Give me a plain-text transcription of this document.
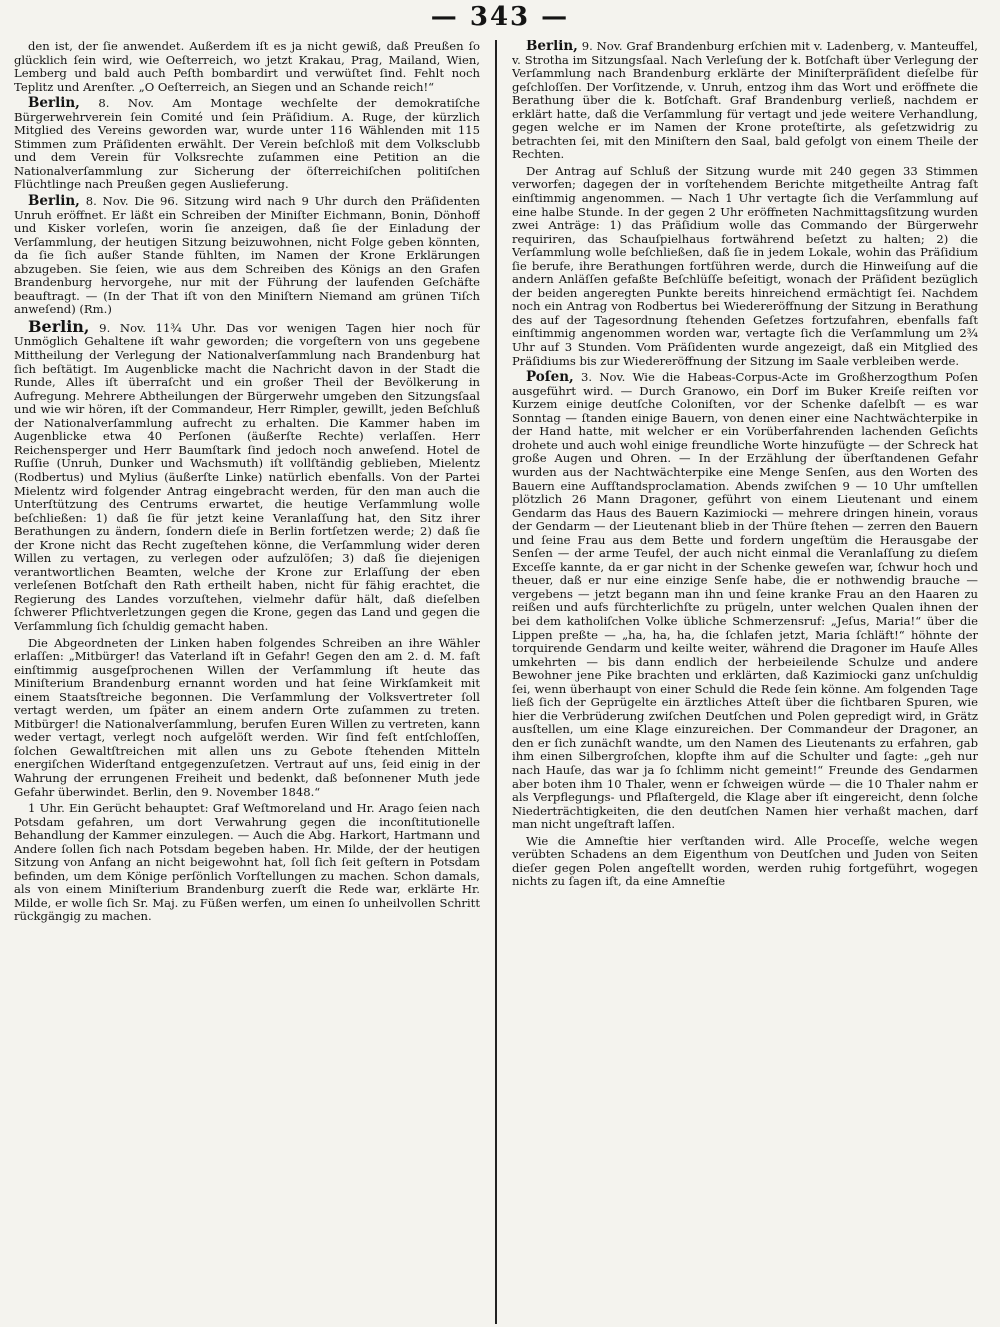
— 343 —

den ist, der ſie anwendet. Außerdem iſt es ja nicht gewiß, daß Preußen ſo glücklich ſein wird, wie Oeſterreich, wo jetzt Krakau, Prag, Mailand, Wien, Lemberg und bald auch Peſth bombardirt und verwüſtet ſind. Fehlt noch Teplitz und Arenſter. „O Oeſterreich, an Siegen und an Schande reich!“

Berlin, 8. Nov. Am Montage wechſelte der demokratiſche Bürgerwehrverein ſein Comité und ſein Präſidium. A. Ruge, der kürzlich Mitglied des Vereins geworden war, wurde unter 116 Wählenden mit 115 Stimmen zum Präſidenten erwählt. Der Verein beſchloß mit dem Volksclubb und dem Verein für Volksrechte zuſammen eine Petition an die Nationalverſammlung zur Sicherung der öſterreichiſchen politiſchen Flüchtlinge nach Preußen gegen Auslieferung.

Berlin, 8. Nov. Die 96. Sitzung wird nach 9 Uhr durch den Präſidenten Unruh eröffnet. Er läßt ein Schreiben der Miniſter Eichmann, Bonin, Dönhoff und Kisker vorleſen, worin ſie anzeigen, daß ſie der Einladung der Verſammlung, der heutigen Sitzung beizuwohnen, nicht Folge geben könnten, da ſie ſich außer Stande fühlten, im Namen der Krone Erklärungen abzugeben. Sie ſeien, wie aus dem Schreiben des Königs an den Grafen Brandenburg hervorgehe, nur mit der Führung der laufenden Geſchäfte beauftragt. — (In der That iſt von den Miniſtern Niemand am grünen Tiſch anweſend) (Rm.)

Berlin, 9. Nov. 11¾ Uhr. Das vor wenigen Tagen hier noch für Unmöglich Gehaltene iſt wahr geworden; die vorgeſtern von uns gegebene Mittheilung der Verlegung der Nationalverſammlung nach Brandenburg hat ſich beſtätigt. Im Augenblicke macht die Nachricht davon in der Stadt die Runde, Alles iſt überraſcht und ein großer Theil der Bevölkerung in Aufregung. Mehrere Abtheilungen der Bürgerwehr umgeben den Sitzungsſaal und wie wir hören, iſt der Commandeur, Herr Rimpler, gewillt, jeden Beſchluß der Nationalverſammlung aufrecht zu erhalten. Die Kammer haben im Augenblicke etwa 40 Perſonen (äußerſte Rechte) verlaſſen. Herr Reichensperger und Herr Baumſtark ſind jedoch noch anweſend. Hotel de Ruſſie (Unruh, Dunker und Wachsmuth) iſt vollſtändig geblieben, Mielentz (Rodbertus) und Mylius (äußerſte Linke) natürlich ebenfalls. Von der Partei Mielentz wird folgender Antrag eingebracht werden, für den man auch die Unterſtützung des Centrums erwartet, die heutige Verſammlung wolle beſchließen: 1) daß ſie für jetzt keine Veranlaſſung hat, den Sitz ihrer Berathungen zu ändern, ſondern dieſe in Berlin fortſetzen werde; 2) daß ſie der Krone nicht das Recht zugeſtehen könne, die Verſammlung wider deren Willen zu vertagen, zu verlegen oder aufzulöſen; 3) daß ſie diejenigen verantwortlichen Beamten, welche der Krone zur Erlaſſung der eben verleſenen Botſchaft den Rath ertheilt haben, nicht für fähig erachtet, die Regierung des Landes vorzuſtehen, vielmehr dafür hält, daß dieſelben ſchwerer Pflichtverletzungen gegen die Krone, gegen das Land und gegen die Verſammlung ſich ſchuldig gemacht haben.

Die Abgeordneten der Linken haben folgendes Schreiben an ihre Wähler erlaſſen: „Mitbürger! das Vaterland iſt in Gefahr! Gegen den am 2. d. M. faſt einſtimmig ausgeſprochenen Willen der Verſammlung iſt heute das Miniſterium Brandenburg ernannt worden und hat ſeine Wirkſamkeit mit einem Staatsſtreiche begonnen. Die Verſammlung der Volksvertreter ſoll vertagt werden, um ſpäter an einem andern Orte zuſammen zu treten. Mitbürger! die Nationalverſammlung, berufen Euren Willen zu vertreten, kann weder vertagt, verlegt noch aufgelöſt werden. Wir ſind feſt entſchloſſen, ſolchen Gewaltſtreichen mit allen uns zu Gebote ſtehenden Mitteln energiſchen Widerſtand entgegenzuſetzen. Vertraut auf uns, ſeid einig in der Wahrung der errungenen Freiheit und bedenkt, daß beſonnener Muth jede Gefahr überwindet. Berlin, den 9. November 1848.“

1 Uhr. Ein Gerücht behauptet: Graf Weſtmoreland und Hr. Arago ſeien nach Potsdam gefahren, um dort Verwahrung gegen die inconſtitutionelle Behandlung der Kammer einzulegen. — Auch die Abg. Harkort, Hartmann und Andere ſollen ſich nach Potsdam begeben haben. Hr. Milde, der der heutigen Sitzung von Anfang an nicht beigewohnt hat, ſoll ſich ſeit geſtern in Potsdam befinden, um dem Könige perſönlich Vorſtellungen zu machen. Schon damals, als von einem Miniſterium Brandenburg zuerſt die Rede war, erklärte Hr. Milde, er wolle ſich Sr. Maj. zu Füßen werfen, um einen ſo unheilvollen Schritt rückgängig zu machen.

Berlin, 9. Nov. Graf Brandenburg erſchien mit v. Ladenberg, v. Manteuffel, v. Strotha im Sitzungsſaal. Nach Verleſung der k. Botſchaft über Verlegung der Verſammlung nach Brandenburg erklärte der Miniſterpräſident dieſelbe für geſchloſſen. Der Vorſitzende, v. Unruh, entzog ihm das Wort und eröffnete die Berathung über die k. Botſchaft. Graf Brandenburg verließ, nachdem er erklärt hatte, daß die Verſammlung für vertagt und jede weitere Verhandlung, gegen welche er im Namen der Krone proteſtirte, als geſetzwidrig zu betrachten ſei, mit den Miniſtern den Saal, bald gefolgt von einem Theile der Rechten.

Der Antrag auf Schluß der Sitzung wurde mit 240 gegen 33 Stimmen verworfen; dagegen der in vorſtehendem Berichte mitgetheilte Antrag faſt einſtimmig angenommen. — Nach 1 Uhr vertagte ſich die Verſammlung auf eine halbe Stunde. In der gegen 2 Uhr eröffneten Nachmittagsſitzung wurden zwei Anträge: 1) das Präſidium wolle das Commando der Bürgerwehr requiriren, das Schauſpielhaus fortwährend beſetzt zu halten; 2) die Verſammlung wolle beſchließen, daß ſie in jedem Lokale, wohin das Präſidium ſie berufe, ihre Berathungen fortſühren werde, durch die Hinweiſung auf die andern Anläſſen gefaßte Beſchlüſſe beſeitigt, wonach der Präſident bezüglich der beiden angeregten Punkte bereits hinreichend ermächtigt ſei. Nachdem noch ein Antrag von Rodbertus bei Wiedereröffnung der Sitzung in Berathung des auf der Tagesordnung ſtehenden Geſetzes fortzufahren, ebenfalls faſt einſtimmig angenommen worden war, vertagte ſich die Verſammlung um 2¾ Uhr auf 3 Stunden. Vom Präſidenten wurde angezeigt, daß ein Mitglied des Präſidiums bis zur Wiedereröffnung der Sitzung im Saale verbleiben werde.

Poſen, 3. Nov. Wie die Habeas-Corpus-Acte im Großherzogthum Poſen ausgeführt wird. — Durch Granowo, ein Dorf im Buker Kreiſe reiſten vor Kurzem einige deutſche Coloniſten, vor der Schenke daſelbſt — es war Sonntag — ſtanden einige Bauern, von denen einer eine Nachtwächterpike in der Hand hatte, mit welcher er ein Vorüberfahrenden lachenden Geſichts drohete und auch wohl einige freundliche Worte hinzufügte — der Schreck hat große Augen und Ohren. — In der Erzählung der überſtandenen Gefahr wurden aus der Nachtwächterpike eine Menge Senſen, aus den Worten des Bauern eine Aufſtandsproclamation. Abends zwiſchen 9 — 10 Uhr umſtellen plötzlich 26 Mann Dragoner, geführt von einem Lieutenant und einem Gendarm das Haus des Bauern Kazimiocki — mehrere dringen hinein, voraus der Gendarm — der Lieutenant blieb in der Thüre ſtehen — zerren den Bauern und ſeine Frau aus dem Bette und fordern ungeſtüm die Herausgabe der Senſen — der arme Teufel, der auch nicht einmal die Veranlaſſung zu dieſem Exceſſe kannte, da er gar nicht in der Schenke geweſen war, ſchwur hoch und theuer, daß er nur eine einzige Senſe habe, die er nothwendig brauche — vergebens — jetzt begann man ihn und ſeine kranke Frau an den Haaren zu reißen und aufs fürchterlichſte zu prügeln, unter welchen Qualen ihnen der bei dem katholiſchen Volke übliche Schmerzensruf: „Jeſus, Maria!“ über die Lippen preßte — „ha, ha, ha, die ſchlafen jetzt, Maria ſchläft!“ höhnte der torquirende Gendarm und keilte weiter, während die Dragoner im Hauſe Alles umkehrten — bis dann endlich der herbeieilende Schulze und andere Bewohner jene Pike brachten und erklärten, daß Kazimiocki ganz unſchuldig ſei, wenn überhaupt von einer Schuld die Rede ſein könne. Am folgenden Tage ließ ſich der Geprügelte ein ärztliches Atteſt über die ſichtbaren Spuren, wie hier die Verbrüderung zwiſchen Deutſchen und Polen gepredigt wird, in Grätz ausſtellen, um eine Klage einzureichen. Der Commandeur der Dragoner, an den er ſich zunächſt wandte, um den Namen des Lieutenants zu erfahren, gab ihm einen Silbergroſchen, klopfte ihm auf die Schulter und ſagte: „geh nur nach Hauſe, das war ja ſo ſchlimm nicht gemeint!“ Freunde des Gendarmen aber boten ihm 10 Thaler, wenn er ſchweigen würde — die 10 Thaler nahm er als Verpflegungs- und Pflaſtergeld, die Klage aber iſt eingereicht, denn ſolche Niederträchtigkeiten, die den deutſchen Namen hier verhaßt machen, darf man nicht ungeſtraft laſſen.

Wie die Amneſtie hier verſtanden wird. Alle Proceſſe, welche wegen verübten Schadens an dem Eigenthum von Deutſchen und Juden von Seiten dieſer gegen Polen angeſtellt worden, werden ruhig fortgeführt, wogegen nichts zu ſagen iſt, da eine Amneſtie
